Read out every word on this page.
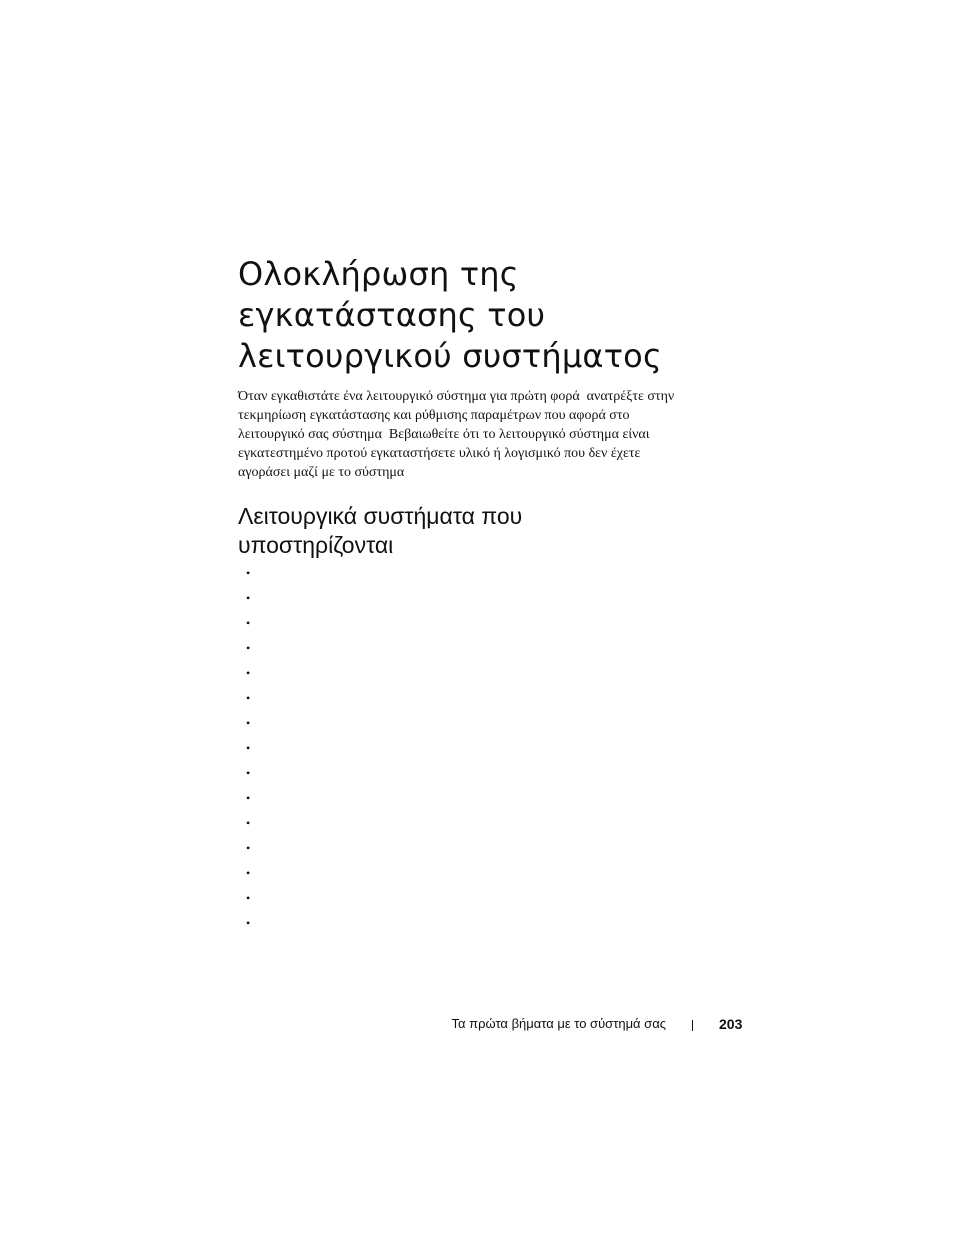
Ολοκλήρωση της
εγκατάστασης του
λειτουργικού συστήματος

Όταν εγκαθιστάτε ένα λειτουργικό σύστημα για πρώτη φορά  ανατρέξτε στην
τεκμηρίωση εγκατάστασης και ρύθμισης παραμέτρων που αφορά στο
λειτουργικό σας σύστημα  Βεβαιωθείτε ότι το λειτουργικό σύστημα είναι
εγκατεστημένο προτού εγκαταστήσετε υλικό ή λογισμικό που δεν έχετε
αγοράσει μαζί με το σύστημα

Λειτουργικά συστήματα που
υποστηρίζονται
•
•
•
•
•
•
•
•
•
•
•
•
•
•
•
Τα πρώτα βήματα με το σύστημά σας	203
